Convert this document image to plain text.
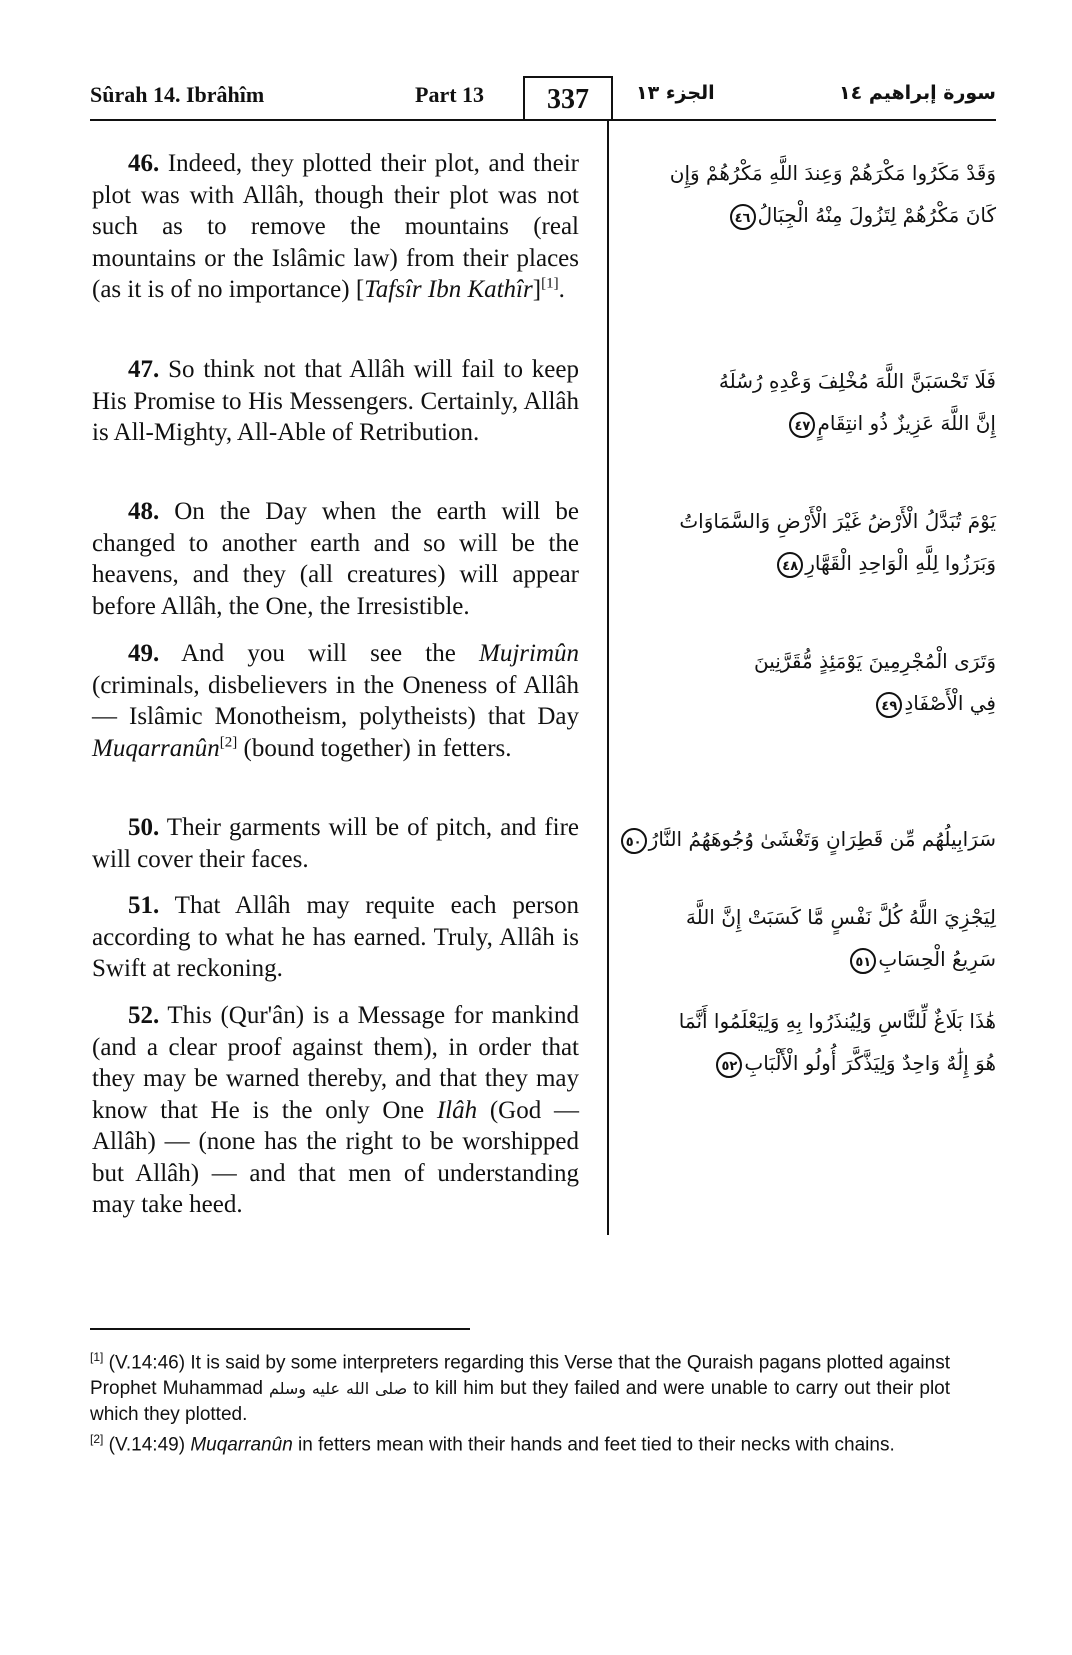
Sûrah 14. Ibrâhîm	Part 13	337	الجزء ١٣	سورة إبراهيم ١٤
46. Indeed, they plotted their plot, and their plot was with Allâh, though their plot was not such as to remove the mountains (real mountains or the Islâmic law) from their places (as it is of no importance) [Tafsîr Ibn Kathîr][1].
47. So think not that Allâh will fail to keep His Promise to His Messengers. Certainly, Allâh is All-Mighty, All-Able of Retribution.
48. On the Day when the earth will be changed to another earth and so will be the heavens, and they (all creatures) will appear before Allâh, the One, the Irresistible.
49. And you will see the Mujrimûn (criminals, disbelievers in the Oneness of Allâh — Islâmic Monotheism, polytheists) that Day Muqarranûn[2] (bound together) in fetters.
50. Their garments will be of pitch, and fire will cover their faces.
51. That Allâh may requite each person according to what he has earned. Truly, Allâh is Swift at reckoning.
52. This (Qur'ân) is a Message for mankind (and a clear proof against them), in order that they may be warned thereby, and that they may know that He is the only One Ilâh (God — Allâh) — (none has the right to be worshipped but Allâh) — and that men of understanding may take heed.
وَقَدْ مَكَرُوا مَكْرَهُمْ وَعِندَ اللَّهِ مَكْرُهُمْ وَإِن
كَانَ مَكْرُهُمْ لِتَزُولَ مِنْهُ الْجِبَالُ٤٦
فَلَا تَحْسَبَنَّ اللَّهَ مُخْلِفَ وَعْدِهِ رُسُلَهُ
إِنَّ اللَّهَ عَزِيزٌ ذُو انتِقَامٍ٤٧
يَوْمَ تُبَدَّلُ الْأَرْضُ غَيْرَ الْأَرْضِ وَالسَّمَاوَاتُ
وَبَرَزُوا لِلَّهِ الْوَاحِدِ الْقَهَّارِ٤٨
وَتَرَى الْمُجْرِمِينَ يَوْمَئِذٍ مُّقَرَّنِينَ
فِي الْأَصْفَادِ٤٩
سَرَابِيلُهُم مِّن قَطِرَانٍ وَتَغْشَىٰ وُجُوهَهُمُ النَّارُ٥٠
لِيَجْزِيَ اللَّهُ كُلَّ نَفْسٍ مَّا كَسَبَتْ إِنَّ اللَّهَ
سَرِيعُ الْحِسَابِ٥١
هَٰذَا بَلَاغٌ لِّلنَّاسِ وَلِيُنذَرُوا بِهِ وَلِيَعْلَمُوا أَنَّمَا
هُوَ إِلَٰهٌ وَاحِدٌ وَلِيَذَّكَّرَ أُولُو الْأَلْبَابِ٥٢
[1] (V.14:46) It is said by some interpreters regarding this Verse that the Quraish pagans plotted against Prophet Muhammad صلى الله عليه وسلم to kill him but they failed and were unable to carry out their plot which they plotted.
[2] (V.14:49) Muqarranûn in fetters mean with their hands and feet tied to their necks with chains.
